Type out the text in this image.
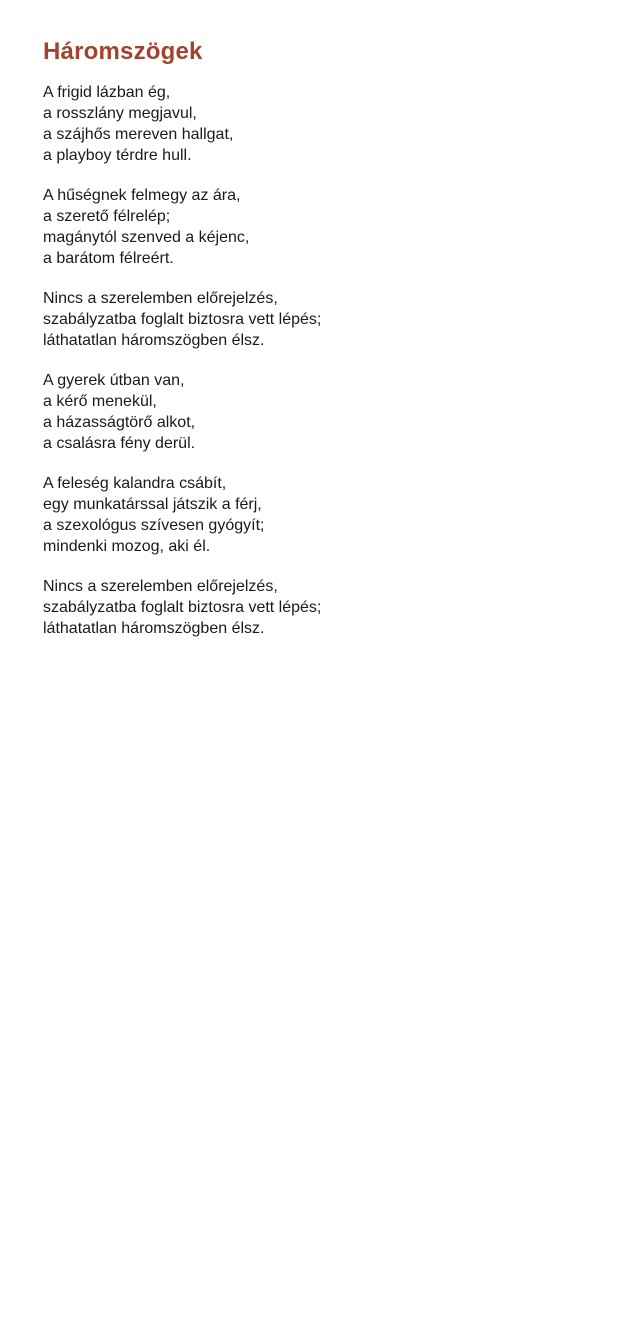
Háromszögek
A frigid lázban ég,
a rosszlány megjavul,
a szájhős mereven hallgat,
a playboy térdre hull.
A hűségnek felmegy az ára,
a szerető félrelép;
magánytól szenved a kéjenc,
a barátom félreért.
Nincs a szerelemben előrejelzés,
szabályzatba foglalt biztosra vett lépés;
láthatatlan háromszögben élsz.
A gyerek útban van,
a kérő menekül,
a házasságtörő alkot,
a csalásra fény derül.
A feleség kalandra csábít,
egy munkatárssal játszik a férj,
a szexológus szívesen gyógyít;
mindenki mozog, aki él.
Nincs a szerelemben előrejelzés,
szabályzatba foglalt biztosra vett lépés;
láthatatlan háromszögben élsz.
